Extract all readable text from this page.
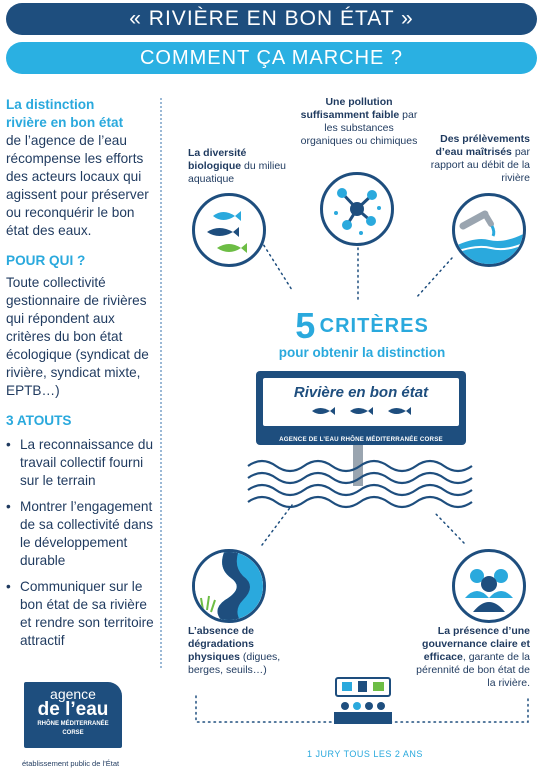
« RIVIÈRE EN BON ÉTAT »
COMMENT ÇA MARCHE ?
La distinction
rivière en bon état
de l’agence de l’eau récompense les efforts des acteurs locaux qui agissent pour préserver ou reconquérir le bon état des eaux.
POUR QUI ?
Toute collectivité gestionnaire de rivières qui répondent aux critères du bon état écologique (syndicat de rivière, syndicat mixte, EPTB…)
3 ATOUTS
• La reconnaissance du travail collectif fourni sur le terrain
• Montrer l’engagement de sa collectivité dans le développement durable
• Communiquer sur le bon état de sa rivière et rendre son territoire attractif
Une pollution suffisamment faible par les substances organiques ou chimiques
La diversité biologique du milieu aquatique
Des prélèvements d’eau maîtrisés par rapport au débit de la rivière
5 CRITÈRES
pour obtenir la distinction
Rivière en bon état
AGENCE DE L’EAU RHÔNE MÉDITERRANÉE CORSE
L’absence de dégradations physiques (digues, berges, seuils…)
La présence d’une gouvernance claire et efficace, garante de la pérennité de bon état de la rivière.
1 JURY TOUS LES 2 ANS
agence
de l’eau
RHÔNE MÉDITERRANÉE
CORSE
établissement public de l’État
